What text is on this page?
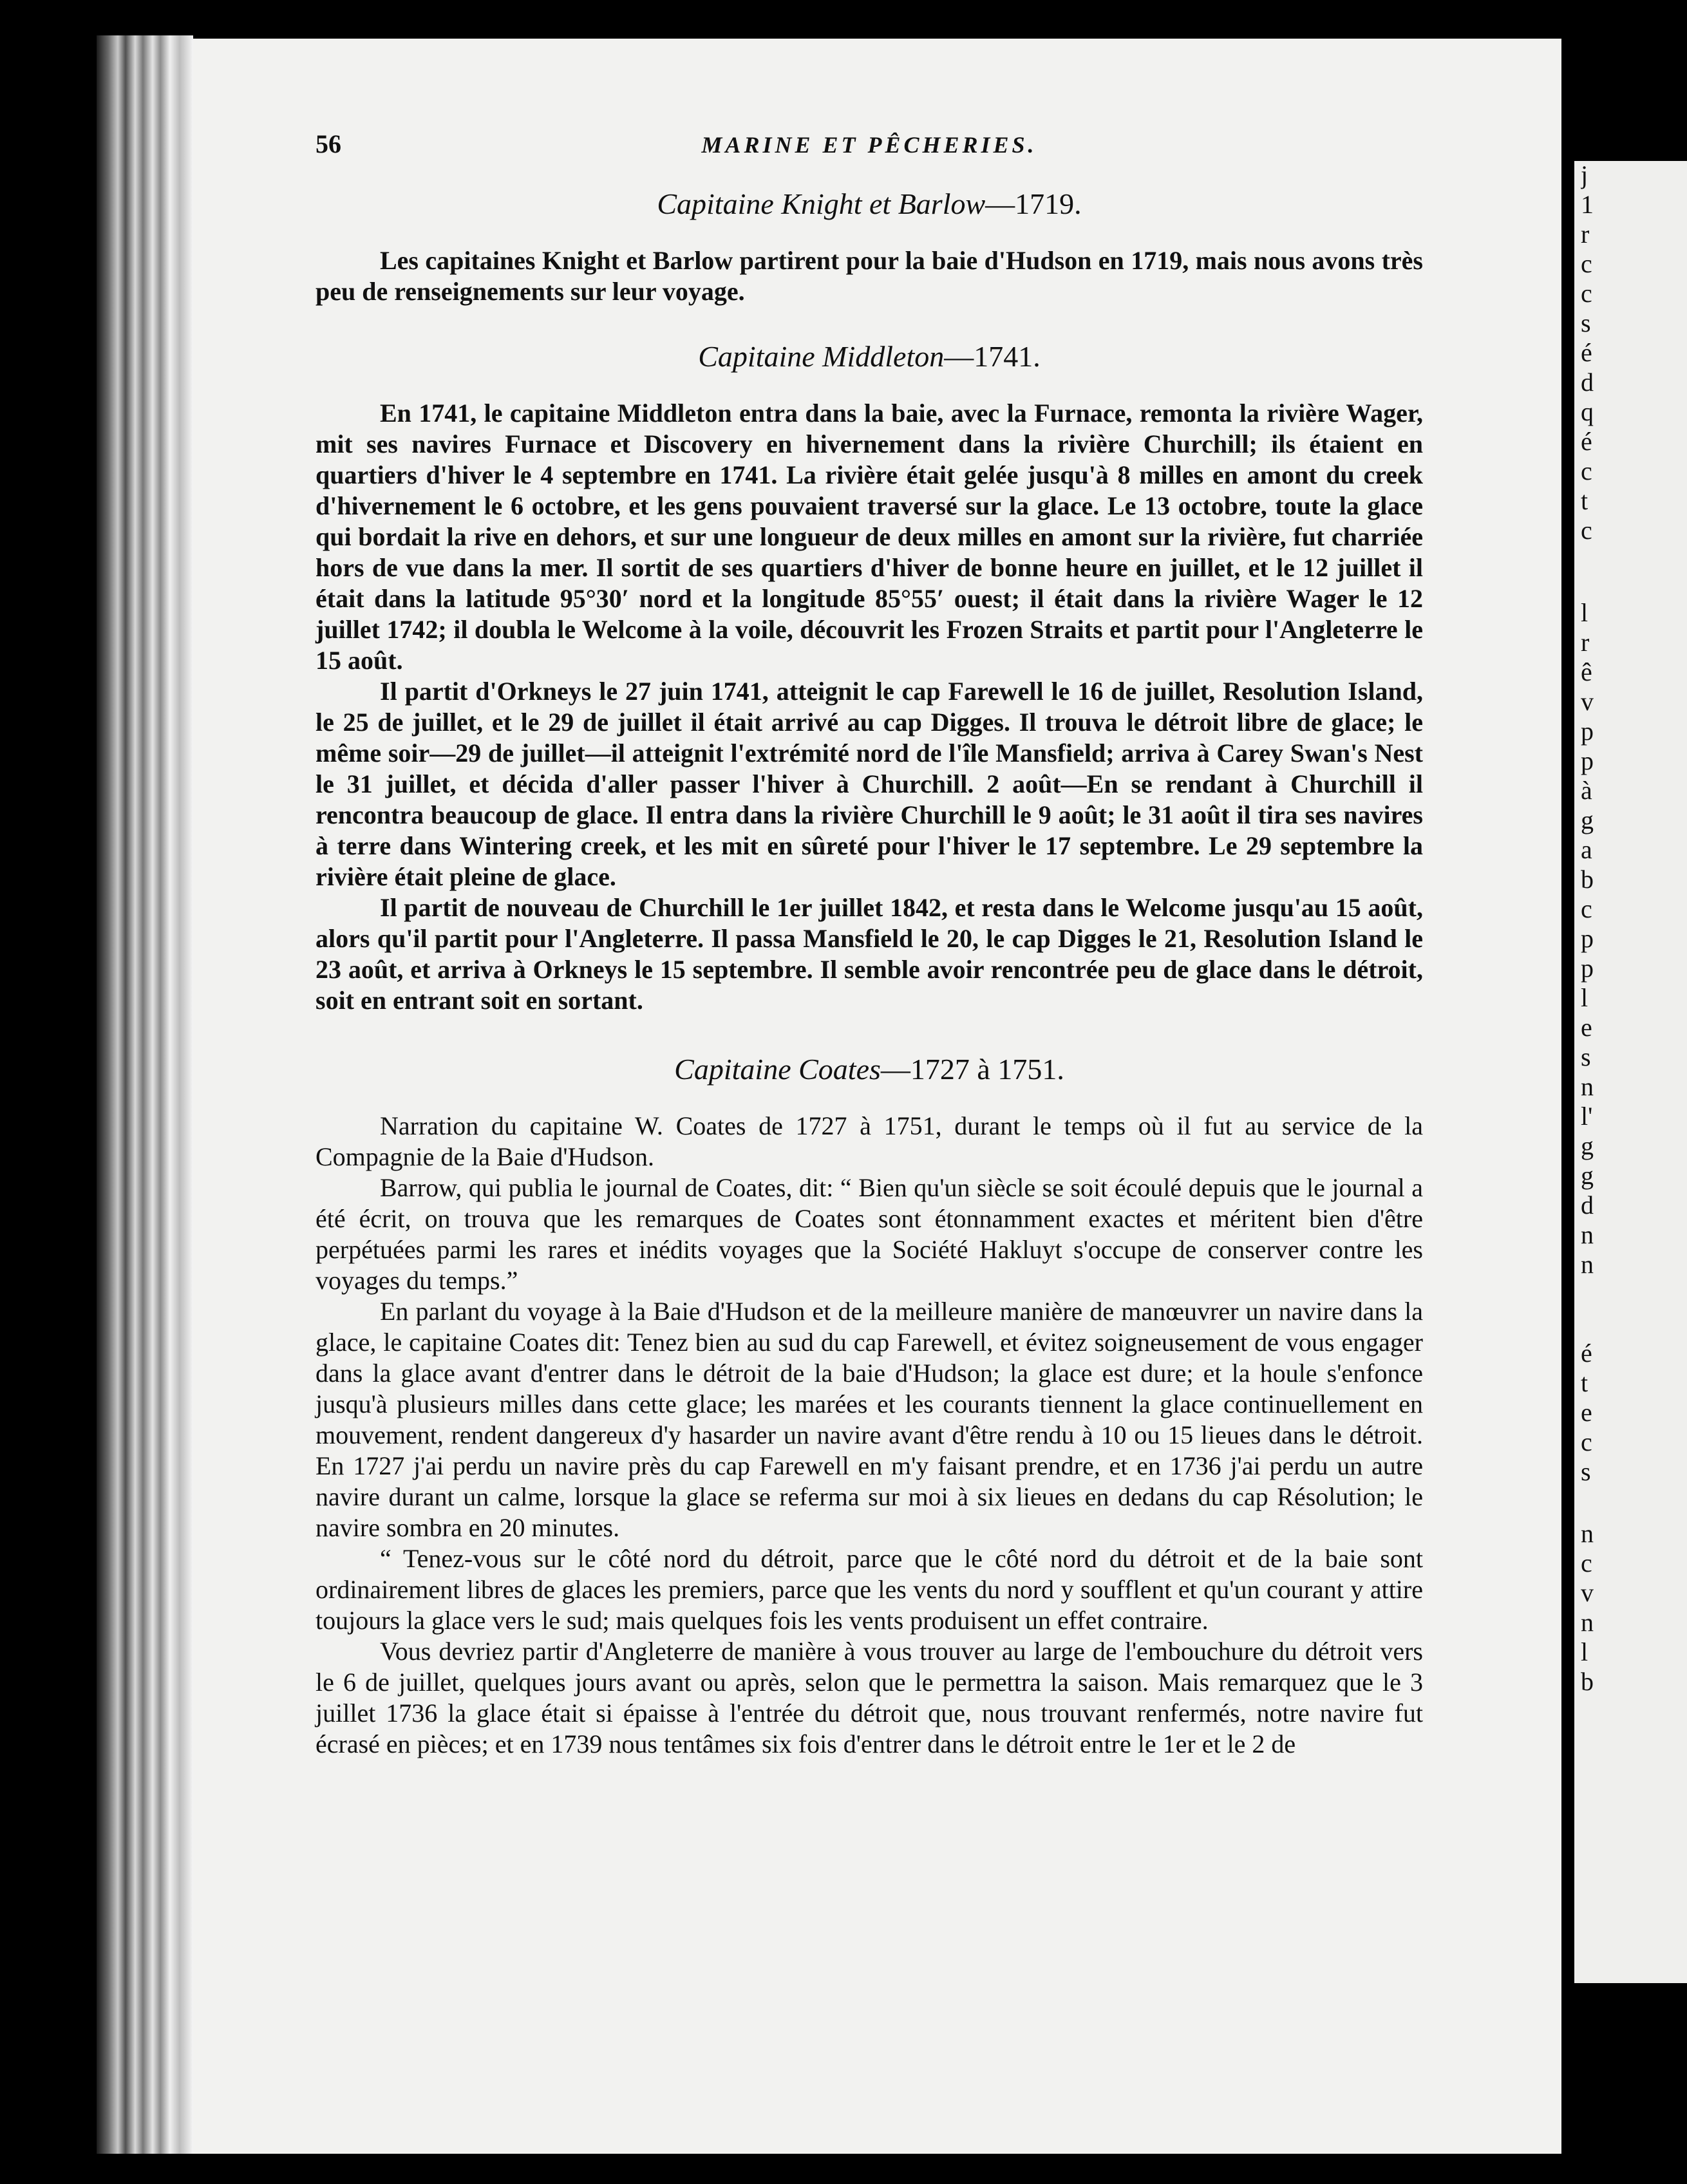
56	MARINE ET PÊCHERIES.
Capitaine Knight et Barlow—1719.

Les capitaines Knight et Barlow partirent pour la baie d'Hudson en 1719, mais nous avons très peu de renseignements sur leur voyage.

Capitaine Middleton—1741.

En 1741, le capitaine Middleton entra dans la baie, avec la Furnace, remonta la rivière Wager, mit ses navires Furnace et Discovery en hivernement dans la rivière Churchill; ils étaient en quartiers d'hiver le 4 septembre en 1741. La rivière était gelée jusqu'à 8 milles en amont du creek d'hivernement le 6 octobre, et les gens pouvaient traversé sur la glace. Le 13 octobre, toute la glace qui bordait la rive en dehors, et sur une longueur de deux milles en amont sur la rivière, fut charriée hors de vue dans la mer. Il sortit de ses quartiers d'hiver de bonne heure en juillet, et le 12 juillet il était dans la latitude 95°30′ nord et la longitude 85°55′ ouest; il était dans la rivière Wager le 12 juillet 1742; il doubla le Welcome à la voile, découvrit les Frozen Straits et partit pour l'Angleterre le 15 août.

Il partit d'Orkneys le 27 juin 1741, atteignit le cap Farewell le 16 de juillet, Resolution Island, le 25 de juillet, et le 29 de juillet il était arrivé au cap Digges. Il trouva le détroit libre de glace; le même soir—29 de juillet—il atteignit l'extrémité nord de l'île Mansfield; arriva à Carey Swan's Nest le 31 juillet, et décida d'aller passer l'hiver à Churchill. 2 août—En se rendant à Churchill il rencontra beaucoup de glace. Il entra dans la rivière Churchill le 9 août; le 31 août il tira ses navires à terre dans Wintering creek, et les mit en sûreté pour l'hiver le 17 septembre. Le 29 septembre la rivière était pleine de glace.

Il partit de nouveau de Churchill le 1er juillet 1842, et resta dans le Welcome jusqu'au 15 août, alors qu'il partit pour l'Angleterre. Il passa Mansfield le 20, le cap Digges le 21, Resolution Island le 23 août, et arriva à Orkneys le 15 septembre. Il semble avoir rencontrée peu de glace dans le détroit, soit en entrant soit en sortant.

Capitaine Coates—1727 à 1751.

Narration du capitaine W. Coates de 1727 à 1751, durant le temps où il fut au service de la Compagnie de la Baie d'Hudson.

Barrow, qui publia le journal de Coates, dit: “ Bien qu'un siècle se soit écoulé depuis que le journal a été écrit, on trouva que les remarques de Coates sont étonnamment exactes et méritent bien d'être perpétuées parmi les rares et inédits voyages que la Société Hakluyt s'occupe de conserver contre les voyages du temps.”

En parlant du voyage à la Baie d'Hudson et de la meilleure manière de manœuvrer un navire dans la glace, le capitaine Coates dit: Tenez bien au sud du cap Farewell, et évitez soigneusement de vous engager dans la glace avant d'entrer dans le détroit de la baie d'Hudson; la glace est dure; et la houle s'enfonce jusqu'à plusieurs milles dans cette glace; les marées et les courants tiennent la glace continuellement en mouvement, rendent dangereux d'y hasarder un navire avant d'être rendu à 10 ou 15 lieues dans le détroit. En 1727 j'ai perdu un navire près du cap Farewell en m'y faisant prendre, et en 1736 j'ai perdu un autre navire durant un calme, lorsque la glace se referma sur moi à six lieues en dedans du cap Résolution; le navire sombra en 20 minutes.

“ Tenez-vous sur le côté nord du détroit, parce que le côté nord du détroit et de la baie sont ordinairement libres de glaces les premiers, parce que les vents du nord y soufflent et qu'un courant y attire toujours la glace vers le sud; mais quelques fois les vents produisent un effet contraire.

Vous devriez partir d'Angleterre de manière à vous trouver au large de l'embouchure du détroit vers le 6 de juillet, quelques jours avant ou après, selon que le permettra la saison. Mais remarquez que le 3 juillet 1736 la glace était si épaisse à l'entrée du détroit que, nous trouvant renfermés, notre navire fut écrasé en pièces; et en 1739 nous tentâmes six fois d'entrer dans le détroit entre le 1er et le 2 de

j
1
r
c
c
s
é
d
q
é
c
t
c
l
r
ê
v
p
p
à
g
a
b
c
p
p
l
e
s
n
l'
g
g
d
n
n
é
t
e
c
s
n
c
v
n
l
b
